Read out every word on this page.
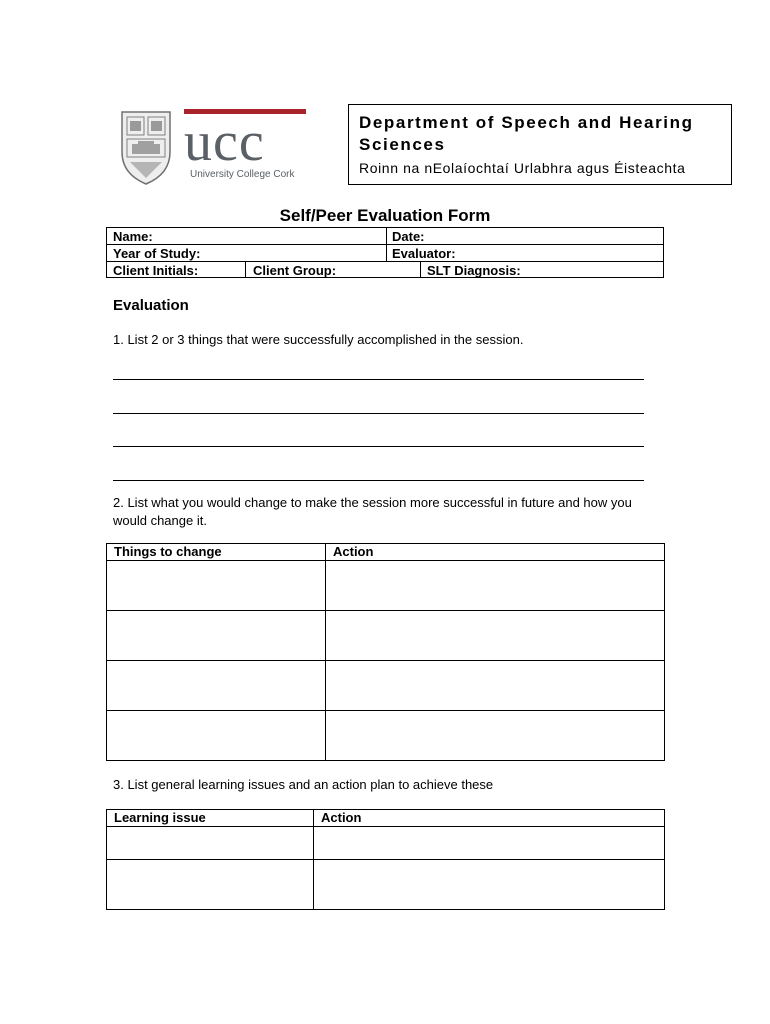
ucc
University College Cork
Department of Speech and Hearing Sciences
Roinn na nEolaíochtaí Urlabhra agus Éisteachta
Self/Peer Evaluation Form
Name:	Date:
Year of Study:	Evaluator:
Client Initials:	Client Group:	SLT Diagnosis:
Evaluation
1. List 2 or 3 things that were successfully accomplished in the session.
2. List what you would change to make the session more successful in future and how you would change it.
Things to change	Action

3. List general learning issues and an action plan to achieve these
Learning issue	Action
